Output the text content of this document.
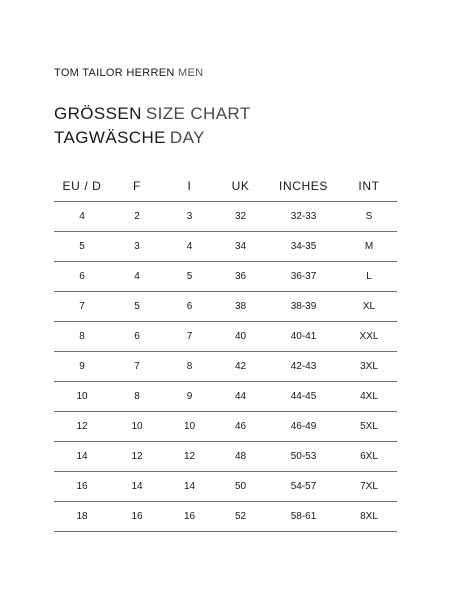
TOM TAILOR HERREN MEN
GRÖSSEN SIZE CHART
TAGWÄSCHE DAY
EU / D	F	I	UK	INCHES	INT
4	2	3	32	32-33	S
5	3	4	34	34-35	M
6	4	5	36	36-37	L
7	5	6	38	38-39	XL
8	6	7	40	40-41	XXL
9	7	8	42	42-43	3XL
10	8	9	44	44-45	4XL
12	10	10	46	46-49	5XL
14	12	12	48	50-53	6XL
16	14	14	50	54-57	7XL
18	16	16	52	58-61	8XL
